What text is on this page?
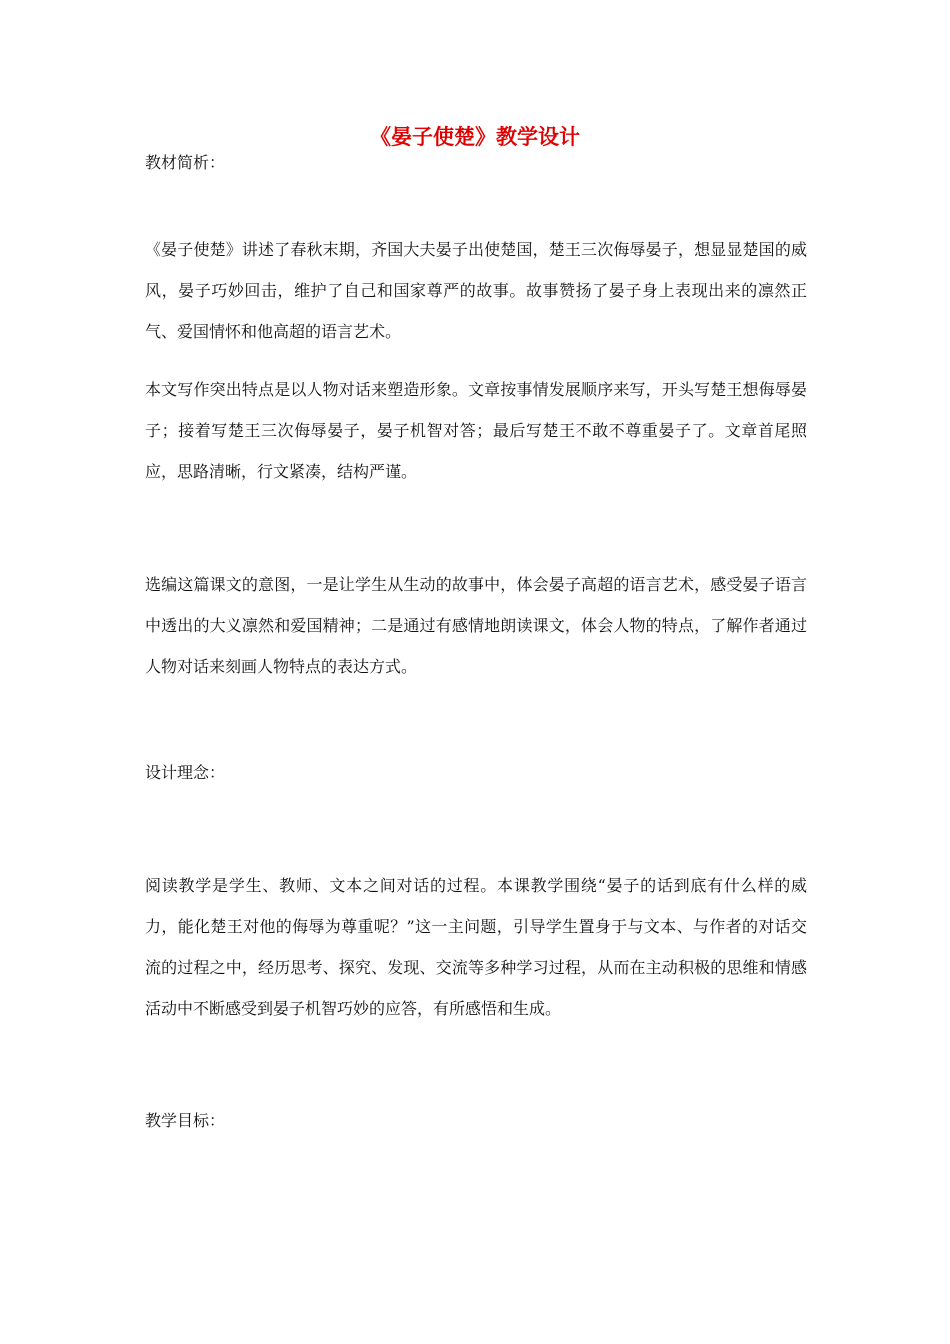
《晏子使楚》教学设计

教材简析：

《晏子使楚》讲述了春秋末期，齐国大夫晏子出使楚国，楚王三次侮辱晏子，想显显楚国的威风，晏子巧妙回击，维护了自己和国家尊严的故事。故事赞扬了晏子身上表现出来的凛然正气、爱国情怀和他高超的语言艺术。

本文写作突出特点是以人物对话来塑造形象。文章按事情发展顺序来写，开头写楚王想侮辱晏子；接着写楚王三次侮辱晏子，晏子机智对答；最后写楚王不敢不尊重晏子了。文章首尾照应，思路清晰，行文紧凑，结构严谨。

选编这篇课文的意图，一是让学生从生动的故事中，体会晏子高超的语言艺术，感受晏子语言中透出的大义凛然和爱国精神；二是通过有感情地朗读课文，体会人物的特点，了解作者通过人物对话来刻画人物特点的表达方式。

设计理念：

阅读教学是学生、教师、文本之间对话的过程。本课教学围绕“晏子的话到底有什么样的威力，能化楚王对他的侮辱为尊重呢？”这一主问题，引导学生置身于与文本、与作者的对话交流的过程之中，经历思考、探究、发现、交流等多种学习过程，从而在主动积极的思维和情感活动中不断感受到晏子机智巧妙的应答，有所感悟和生成。

教学目标：
